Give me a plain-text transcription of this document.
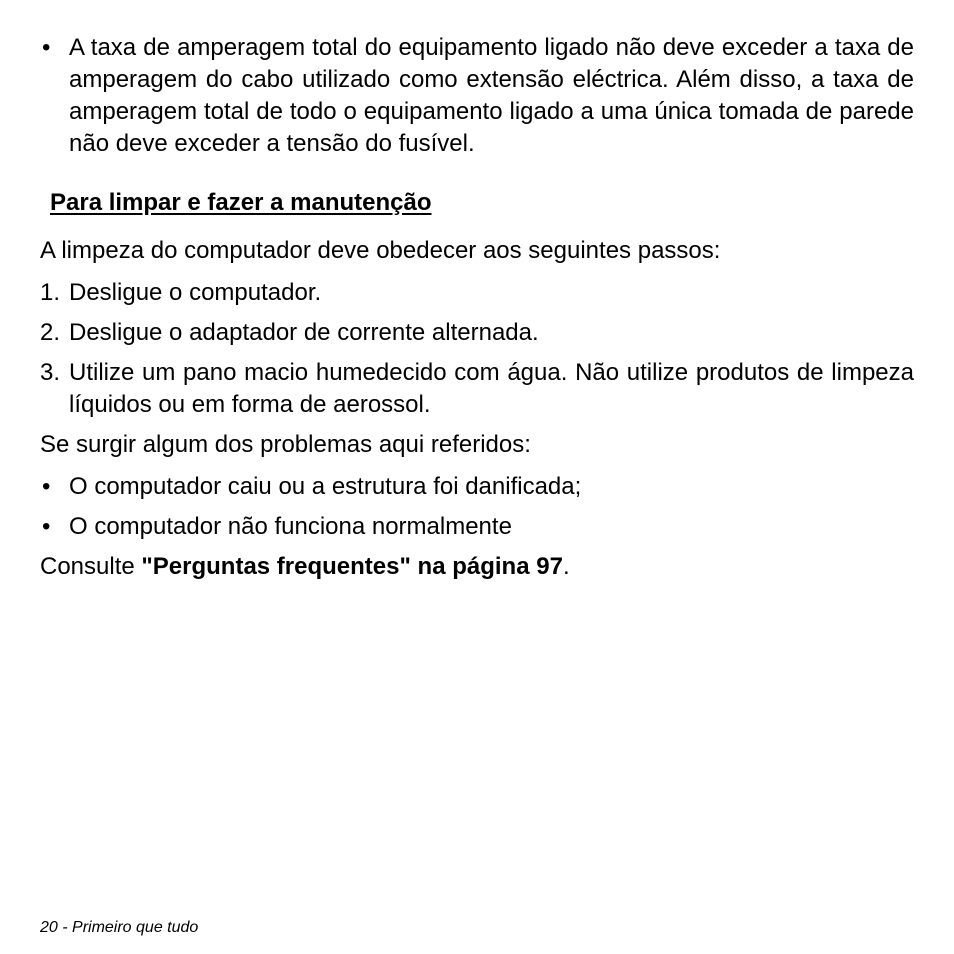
• A taxa de amperagem total do equipamento ligado não deve exceder a taxa de amperagem do cabo utilizado como extensão eléctrica. Além disso, a taxa de amperagem total de todo o equipamento ligado a uma única tomada de parede não deve exceder a tensão do fusível.
Para limpar e fazer a manutenção

A limpeza do computador deve obedecer aos seguintes passos:

1. Desligue o computador.
2. Desligue o adaptador de corrente alternada.
3. Utilize um pano macio humedecido com água. Não utilize produtos de limpeza líquidos ou em forma de aerossol.

Se surgir algum dos problemas aqui referidos:

• O computador caiu ou a estrutura foi danificada;
• O computador não funciona normalmente

Consulte "Perguntas frequentes" na página 97.

20 - Primeiro que tudo
